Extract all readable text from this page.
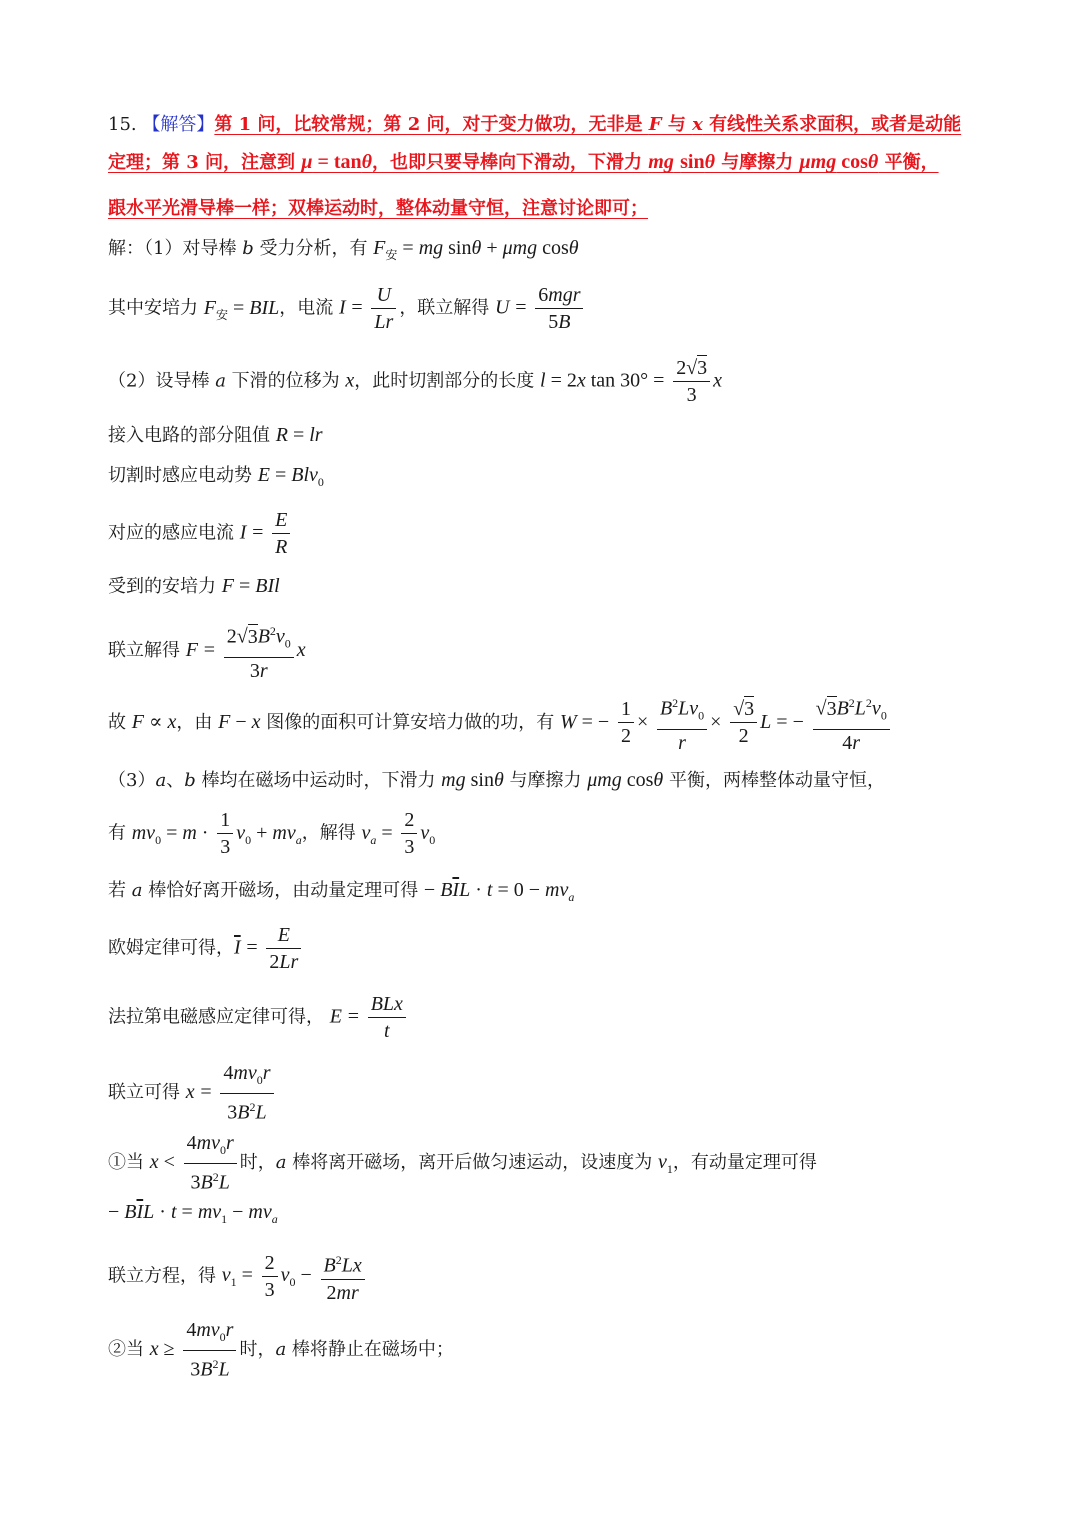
15. 【解答】第 1 问，比较常规；第 2 问，对于变力做功，无非是 F 与 x 有线性关系求面积，或者是动能
定理；第 3 问，注意到 μ = tanθ，也即只要导棒向下滑动，下滑力 mg sinθ 与摩擦力 μmg cosθ 平衡，
跟水平光滑导棒一样；双棒运动时，整体动量守恒，注意讨论即可；
解：（1）对导棒 b 受力分析，有 $F_安$ = mg sinθ + μmg cosθ
其中安培力 $F_安$ = BIL，电流 $I = \frac{U}{Lr}$ ，联立解得 $U = \frac{\text{6mgr}}{5B}$
（2）设导棒 a 下滑的位移为 x，此时切割部分的长度 l = 2x $\tan 30^\circ = \frac{2√3}{3}$ x
接入电路的部分阻值 R = lr
切割时感应电动势 E = Blv$_0$
对应的感应电流 $I = \frac{E}{R}$
受到的安培力 F = BIl
联立解得 $F = \frac{2√3B^2v_0}{3r}$ x
故 F ∝ x，由 F − x 图像的面积可计算安培力做的功，有 W = − $\frac{1}{2} \times \frac{B^2Lv_0}{r} \times \frac{√3}{2}$ L = − $\frac{√3B^2L^2v_0}{4r}$
（3）a、b 棒均在磁场中运动时，下滑力 mg sinθ 与摩擦力 μmg cosθ 平衡，两棒整体动量守恒，
有 $mv_0 = m \cdot \frac{1}{3} v_0 + mv_a$，解得 $v_a = \frac{2}{3} v_0$
若 a 棒恰好离开磁场，由动量定理可得 − $B\overline{I}L \cdot t = 0 - mv_a$
欧姆定律可得，$\overline{I} = \frac{E}{2Lr}$
法拉第电磁感应定律可得， $E = \frac{\text{BLx}}{t}$
联立可得 $x = \frac{4mv_0r}{3B^2L}$
①当 $x < \frac{4mv_0r}{3B^2L}$ 时，a 棒将离开磁场，离开后做匀速运动，设速度为 $v_1$，有动量定理可得
− $B\overline{I}L \cdot t = mv_1 - mv_a$
联立方程，得 $v_1 = \frac{2}{3} v_0 - \frac{B^2Lx}{2mr}$
②当 $x \ge \frac{4mv_0r}{3B^2L}$ 时，a 棒将静止在磁场中；
